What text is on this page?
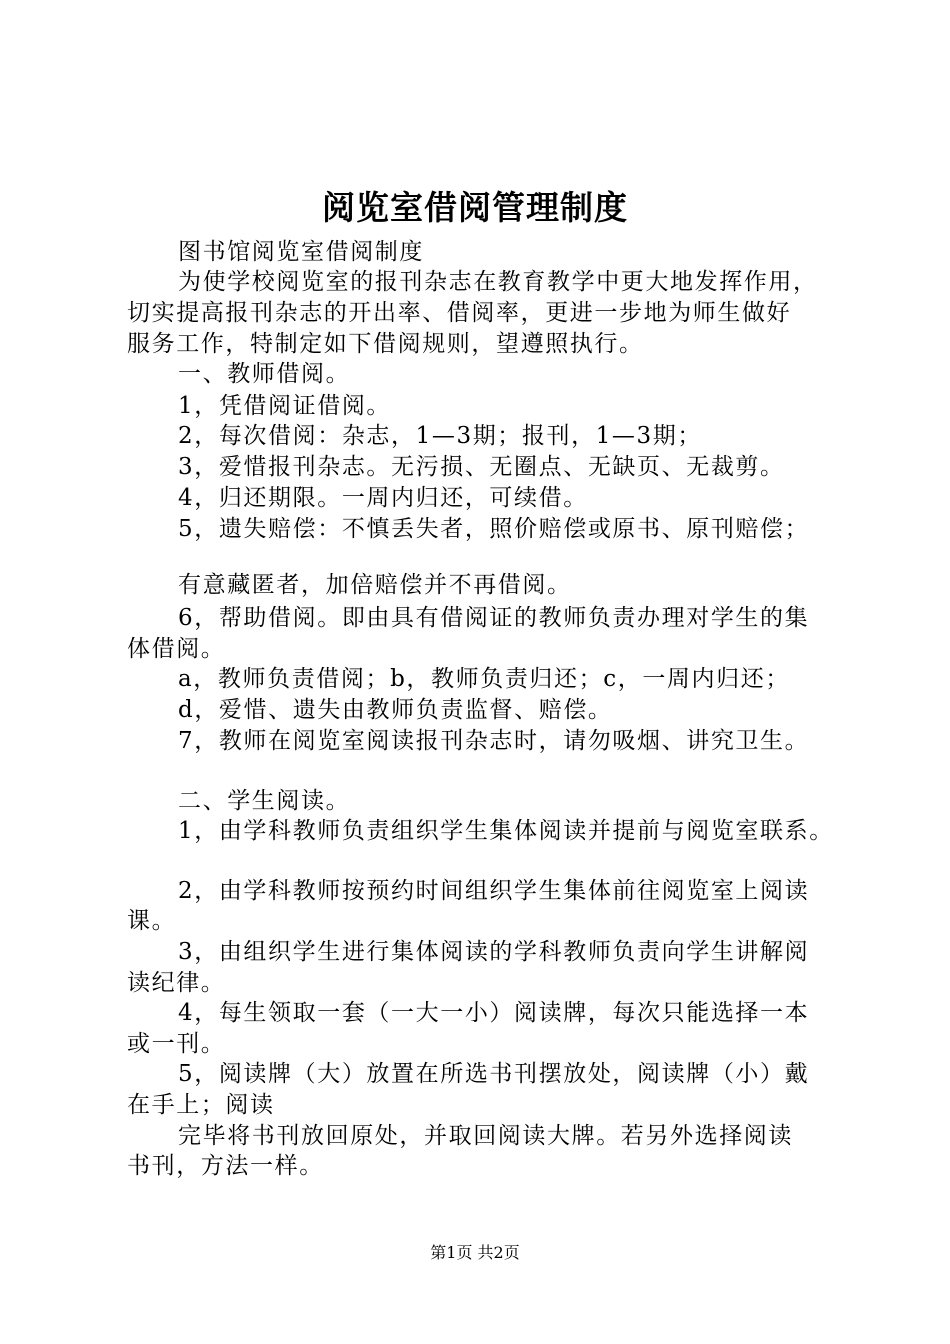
阅览室借阅管理制度
图书馆阅览室借阅制度
为使学校阅览室的报刊杂志在教育教学中更大地发挥作用，
切实提高报刊杂志的开出率、借阅率，更进一步地为师生做好
服务工作，特制定如下借阅规则，望遵照执行。
一、教师借阅。
1，凭借阅证借阅。
2，每次借阅：杂志，1—3期；报刊，1—3期；
3，爱惜报刊杂志。无污损、无圈点、无缺页、无裁剪。
4，归还期限。一周内归还，可续借。
5，遗失赔偿：不慎丢失者，照价赔偿或原书、原刊赔偿；
有意藏匿者，加倍赔偿并不再借阅。
6，帮助借阅。即由具有借阅证的教师负责办理对学生的集
体借阅。
a，教师负责借阅；b，教师负责归还；c，一周内归还；
d，爱惜、遗失由教师负责监督、赔偿。
7，教师在阅览室阅读报刊杂志时，请勿吸烟、讲究卫生。
二、学生阅读。
1，由学科教师负责组织学生集体阅读并提前与阅览室联系。
2，由学科教师按预约时间组织学生集体前往阅览室上阅读
课。
3，由组织学生进行集体阅读的学科教师负责向学生讲解阅
读纪律。
4，每生领取一套（一大一小）阅读牌，每次只能选择一本
或一刊。
5，阅读牌（大）放置在所选书刊摆放处，阅读牌（小）戴
在手上；阅读
完毕将书刊放回原处，并取回阅读大牌。若另外选择阅读
书刊，方法一样。
第1页 共2页
